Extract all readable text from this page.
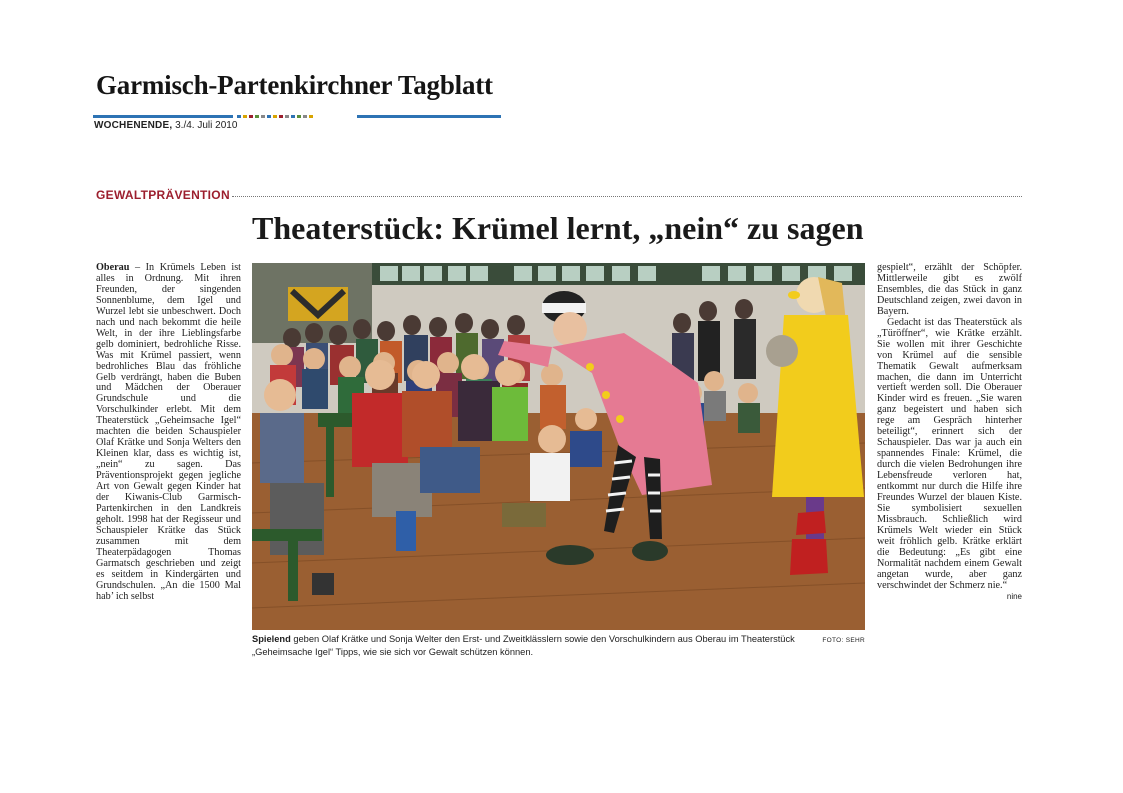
Garmisch-Partenkirchner Tagblatt
WOCHENENDE, 3./4. Juli 2010
GEWALTPRÄVENTION
Theaterstück: Krümel lernt, „nein“ zu sagen

Oberau – In Krümels Leben ist alles in Ordnung. Mit ihren Freunden, der singenden Sonnenblume, dem Igel und Wurzel lebt sie unbeschwert. Doch nach und nach bekommt die heile Welt, in der ihre Lieblingsfarbe gelb dominiert, bedrohliche Risse. Was mit Krümel passiert, wenn bedrohliches Blau das fröhliche Gelb verdrängt, haben die Buben und Mädchen der Oberauer Grundschule und die Vorschulkinder erlebt. Mit dem Theaterstück „Geheimsache Igel“ machten die beiden Schauspieler Olaf Krätke und Sonja Welters den Kleinen klar, dass es wichtig ist, „nein“ zu sagen. Das Präventionsprojekt gegen jegliche Art von Gewalt gegen Kinder hat der Kiwanis-Club Garmisch-Partenkirchen in den Landkreis geholt. 1998 hat der Regisseur und Schauspieler Krätke das Stück zusammen mit dem Theaterpädagogen Thomas Garmatsch geschrieben und zeigt es seitdem in Kindergärten und Grundschulen. „An die 1500 Mal hab’ ich selbst

FOTO: SEHR
Spielend geben Olaf Krätke und Sonja Welter den Erst- und Zweitklässlern sowie den Vorschulkindern aus Oberau im Theaterstück „Geheimsache Igel“ Tipps, wie sie sich vor Gewalt schützen können.

gespielt“, erzählt der Schöpfer. Mittlerweile gibt es zwölf Ensembles, die das Stück in ganz Deutschland zeigen, zwei davon in Bayern.

Gedacht ist das Theaterstück als „Türöffner“, wie Krätke erzählt. Sie wollen mit ihrer Geschichte von Krümel auf die sensible Thematik Gewalt aufmerksam machen, die dann im Unterricht vertieft werden soll. Die Oberauer Kinder wird es freuen. „Sie waren ganz begeistert und haben sich rege am Gespräch hinterher beteiligt“, erinnert sich der Schauspieler. Das war ja auch ein spannendes Finale: Krümel, die durch die vielen Bedrohungen ihre Lebensfreude verloren hat, entkommt nur durch die Hilfe ihre Freundes Wurzel der blauen Kiste. Sie symbolisiert sexuellen Missbrauch. Schließlich wird Krümels Welt wieder ein Stück weit fröhlich gelb. Krätke erklärt die Bedeutung: „Es gibt eine Normalität nachdem einem Gewalt angetan wurde, aber ganz verschwindet der Schmerz nie.“
nine
